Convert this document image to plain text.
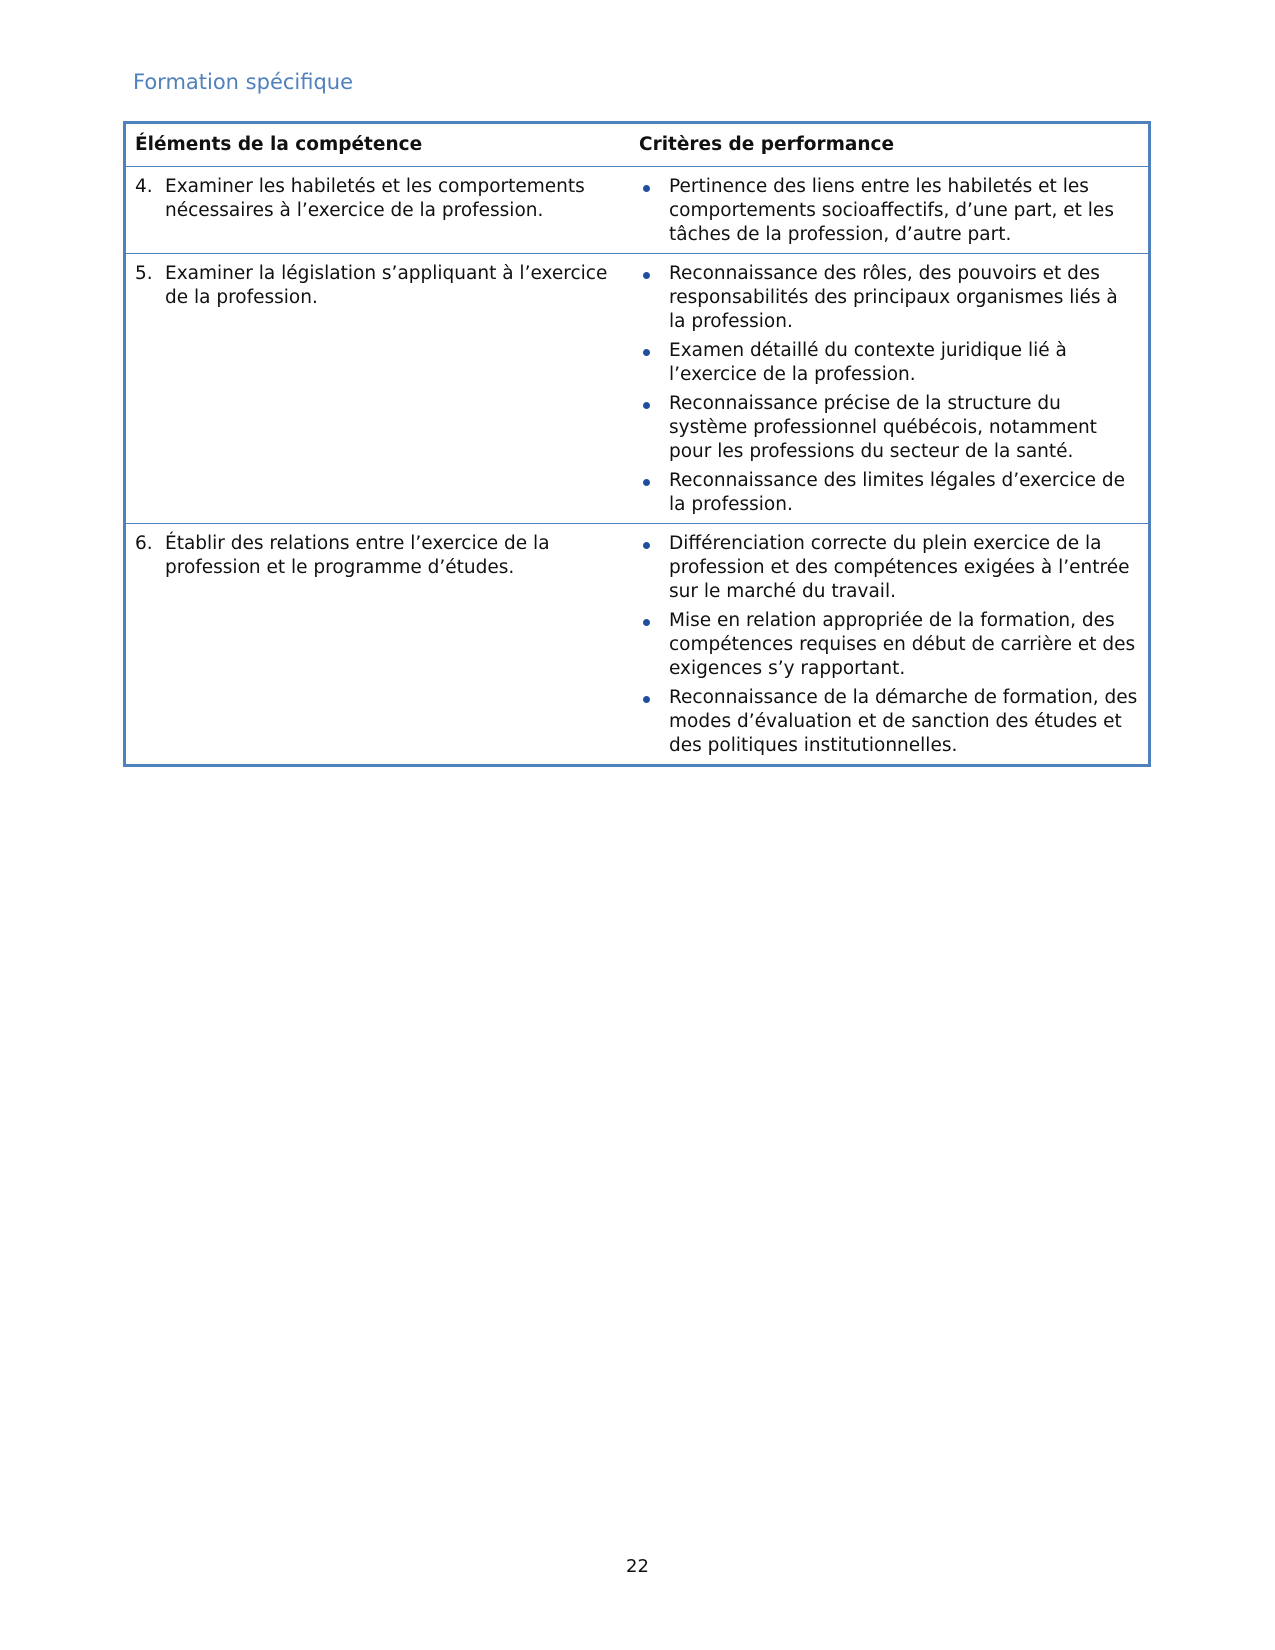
Formation spécifique
Éléments de la compétence	Critères de performance
4. Examiner les habiletés et les comportements nécessaires à l’exercice de la profession.
Pertinence des liens entre les habiletés et les comportements socioaffectifs, d’une part, et les tâches de la profession, d’autre part.
5. Examiner la législation s’appliquant à l’exercice de la profession.
Reconnaissance des rôles, des pouvoirs et des responsabilités des principaux organismes liés à la profession.
Examen détaillé du contexte juridique lié à l’exercice de la profession.
Reconnaissance précise de la structure du système professionnel québécois, notamment pour les professions du secteur de la santé.
Reconnaissance des limites légales d’exercice de la profession.
6. Établir des relations entre l’exercice de la profession et le programme d’études.
Différenciation correcte du plein exercice de la profession et des compétences exigées à l’entrée sur le marché du travail.
Mise en relation appropriée de la formation, des compétences requises en début de carrière et des exigences s’y rapportant.
Reconnaissance de la démarche de formation, des modes d’évaluation et de sanction des études et des politiques institutionnelles.
22
